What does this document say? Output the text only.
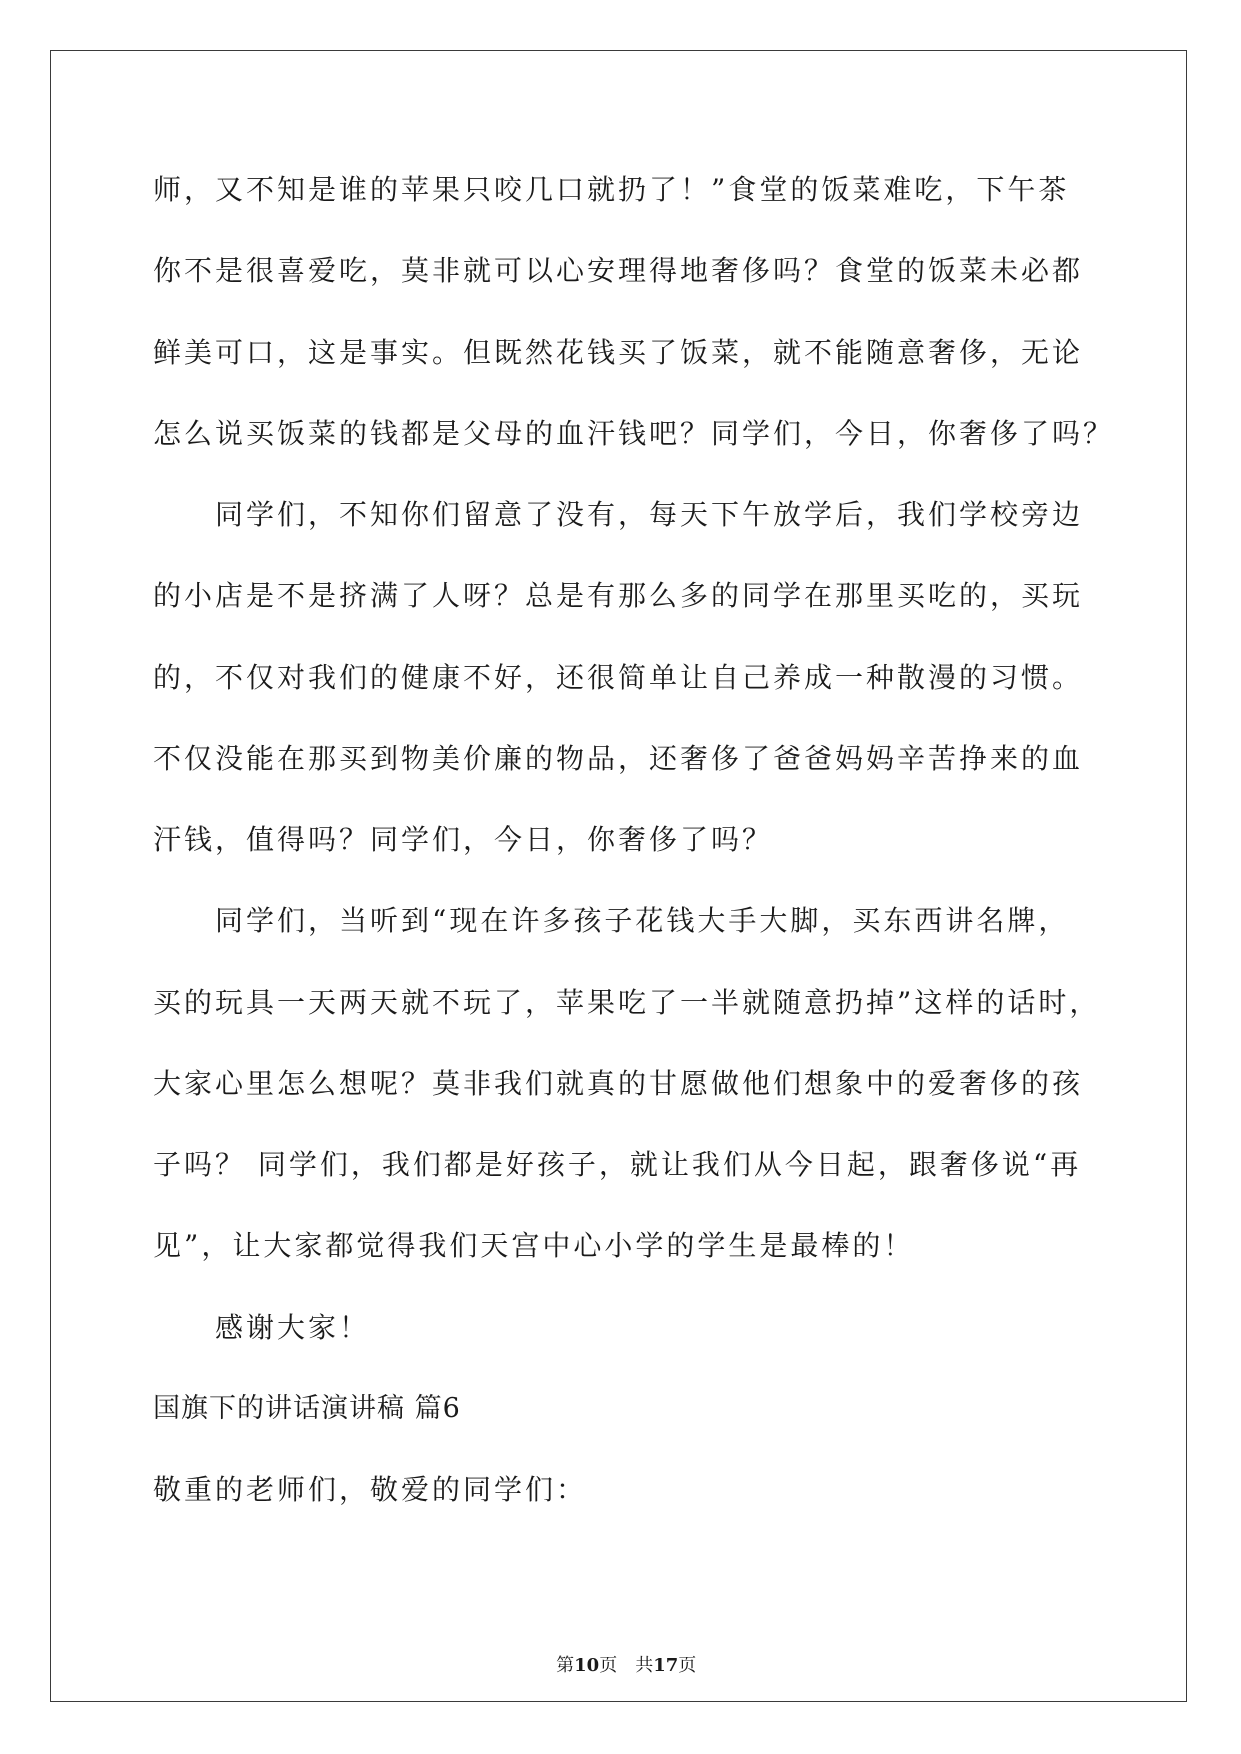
师，又不知是谁的苹果只咬几口就扔了！”食堂的饭菜难吃，下午茶
你不是很喜爱吃，莫非就可以心安理得地奢侈吗？食堂的饭菜未必都
鲜美可口，这是事实。但既然花钱买了饭菜，就不能随意奢侈，无论
怎么说买饭菜的钱都是父母的血汗钱吧？同学们，今日，你奢侈了吗？
同学们，不知你们留意了没有，每天下午放学后，我们学校旁边
的小店是不是挤满了人呀？总是有那么多的同学在那里买吃的，买玩
的，不仅对我们的健康不好，还很简单让自己养成一种散漫的习惯。
不仅没能在那买到物美价廉的物品，还奢侈了爸爸妈妈辛苦挣来的血
汗钱，值得吗？同学们，今日，你奢侈了吗？
同学们，当听到“现在许多孩子花钱大手大脚，买东西讲名牌，
买的玩具一天两天就不玩了，苹果吃了一半就随意扔掉”这样的话时，
大家心里怎么想呢？莫非我们就真的甘愿做他们想象中的爱奢侈的孩
子吗？ 同学们，我们都是好孩子，就让我们从今日起，跟奢侈说“再
见”，让大家都觉得我们天宫中心小学的学生是最棒的！
感谢大家！
国旗下的讲话演讲稿 篇6
敬重的老师们，敬爱的同学们：

第10页 共17页
